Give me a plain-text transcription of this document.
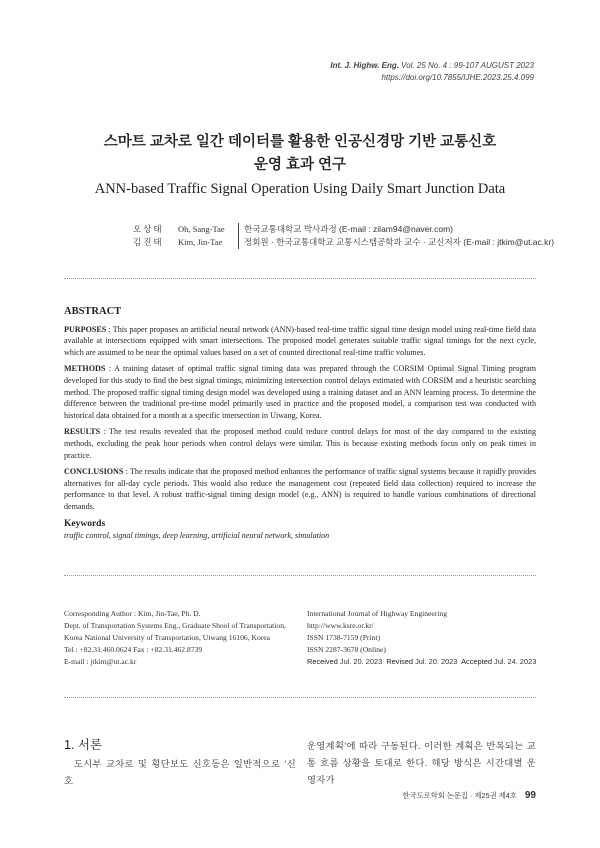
Int. J. Highw. Eng. Vol. 25 No. 4 : 99-107 AUGUST 2023
https://doi.org/10.7855/IJHE.2023.25.4.099
스마트 교차로 일간 데이터를 활용한 인공신경망 기반 교통신호
운영 효과 연구
ANN-based Traffic Signal Operation Using Daily Smart Junction Data
오상태	Oh, Sang-Tae	한국교통대학교 박사과정 (E-mail : zilam94@naver.com)
김진태	Kim, Jin-Tae	정회원 · 한국교통대학교 교통시스템공학과 교수 · 교신저자 (E-mail : jtkim@ut.ac.kr)
ABSTRACT

PURPOSES : This paper proposes an artificial neural network (ANN)-based real-time traffic signal time design model using real-time field data available at intersections equipped with smart intersections. The proposed model generates suitable traffic signal timings for the next cycle, which are assumed to be near the optimal values based on a set of counted directional real-time traffic volumes.

METHODS : A training dataset of optimal traffic signal timing data was prepared through the CORSIM Optimal Signal Timing program developed for this study to find the best signal timings, minimizing intersection control delays estimated with CORSIM and a heuristic searching method. The proposed traffic signal timing design model was developed using a training dataset and an ANN learning process. To determine the difference between the traditional pre-time model primarily used in practice and the proposed model, a comparison test was conducted with historical data obtained for a month at a specific intersection in Uiwang, Korea.

RESULTS : The test results revealed that the proposed method could reduce control delays for most of the day compared to the existing methods, excluding the peak hour periods when control delays were similar. This is because existing methods focus only on peak times in practice.

CONCLUSIONS : The results indicate that the proposed method enhances the performance of traffic signal systems because it rapidly provides alternatives for all-day cycle periods. This would also reduce the management cost (repeated field data collection) required to increase the performance to that level. A robust traffic-signal timing design model (e.g., ANN) is required to handle various combinations of directional demands.

Keywords
traffic control, signal timings, deep learning, artificial neural network, simulation
Corresponding Author : Kim, Jin-Tae, Ph. D.
Dept. of Transportation Systems Eng., Graduate Shool of Transportation,
Korea National University of Transportation, Uiwang 16106, Korea
Tel : +82.31.460.0624 Fax : +82.31.462.8739
E-mail : jtkim@ut.ac.kr
International Journal of Highway Engineering
http://www.ksre.or.kr/
ISSN 1738-7159 (Print)
ISSN 2287-3678 (Online)
Received Jul. 20. 2023 Revised Jul. 20. 2023 Accepted Jul. 24. 2023
1. 서론
도시부 교차로 및 횡단보도 신호등은 일반적으로 ‘신호
운영계획’에 따라 구동된다. 이러한 계획은 반복되는 교통 흐름 상황을 토대로 한다. 해당 방식은 시간대별 운영자가
한국도로학회 논문집 · 제25권 제4호 99
